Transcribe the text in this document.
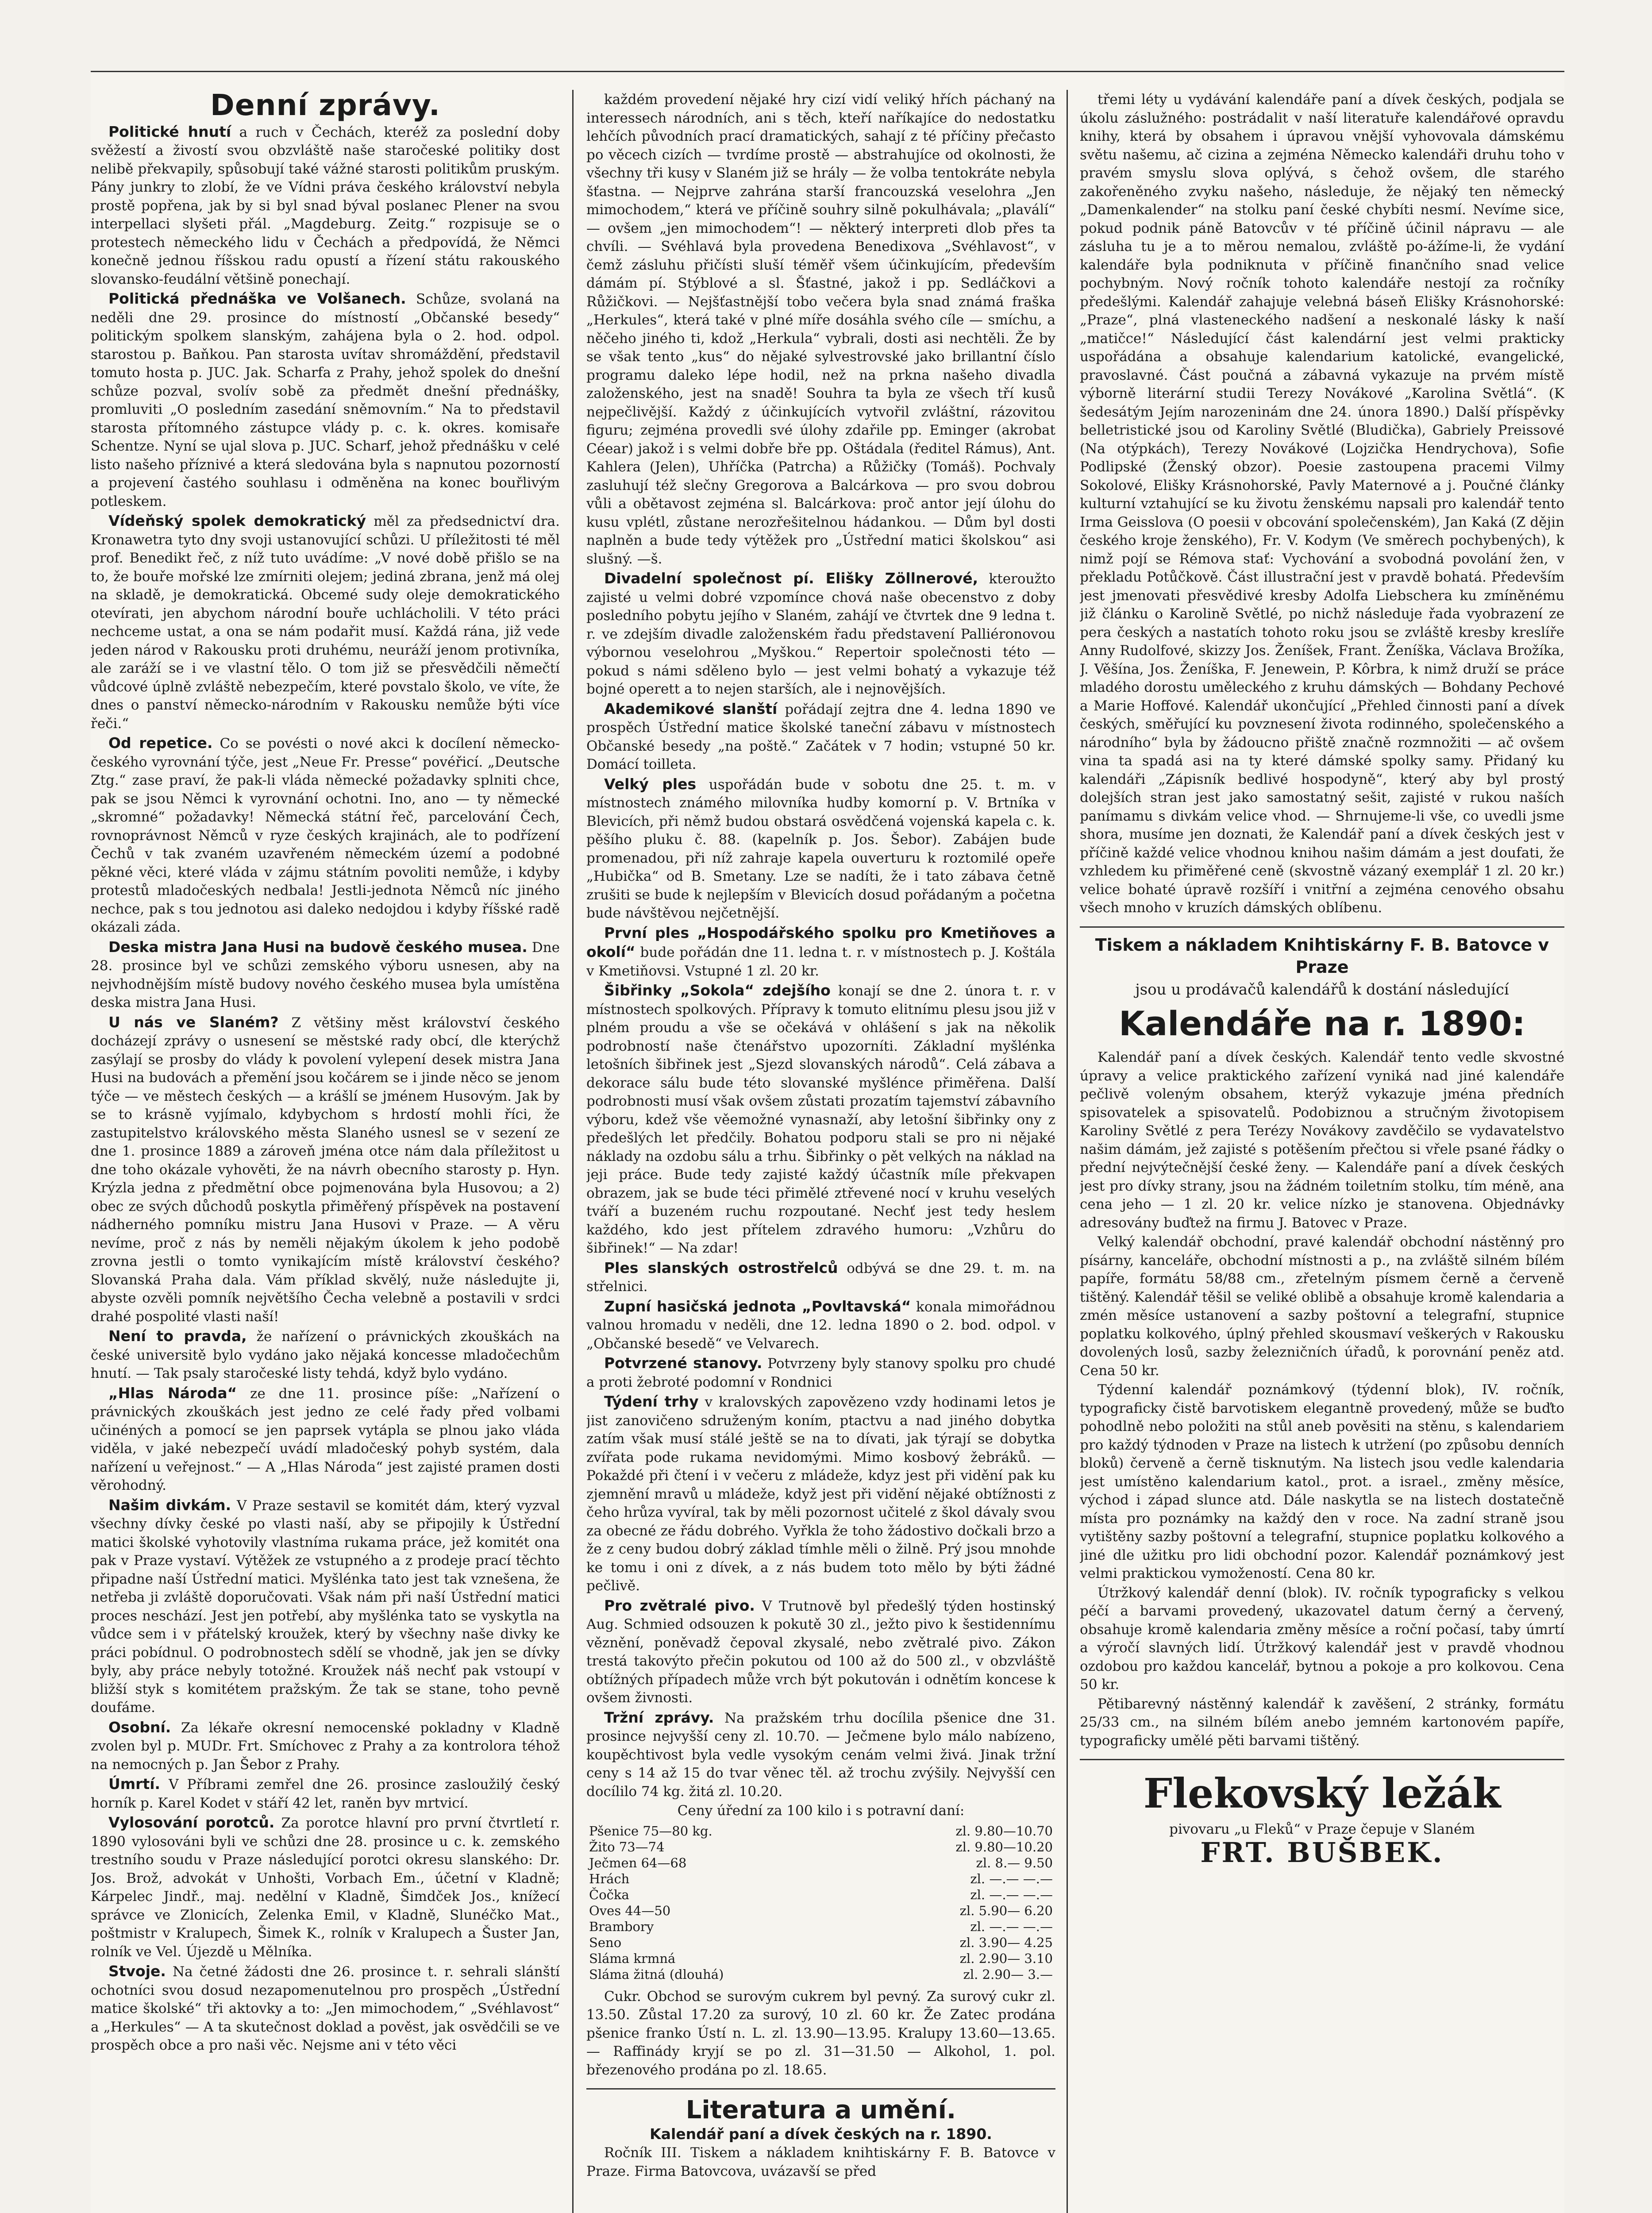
Denní zprávy.

Politické hnutí a ruch v Čechách, kteréž za poslední doby svěžestí a živostí svou obzvláště naše staročeské politiky dost nelibě překvapily, spůsobují také vážné starosti politikům pruským. Pány junkry to zlobí, že ve Vídni práva českého království nebyla prostě popřena, jak by si byl snad býval poslanec Plener na svou interpellaci slyšeti přál. „Magdeburg. Zeitg.“ rozpisuje se o protestech německého lidu v Čechách a předpovídá, že Němci konečně jednou říšskou radu opustí a řízení státu rakouského slovansko-feudální většině ponechají.

Politická přednáška ve Volšanech. Schůze, svolaná na neděli dne 29. prosince do místností „Občanské besedy“ politickým spolkem slanským, zahájena byla o 2. hod. odpol. starostou p. Baňkou. Pan starosta uvítav shromáždění, představil tomuto hosta p. JUC. Jak. Scharfa z Prahy, jehož spolek do dnešní schůze pozval, svolív sobě za předmět dnešní přednášky, promluviti „O posledním zasedání sněmovním.“ Na to představil starosta přítomného zástupce vlády p. c. k. okres. komisaře Schentze. Nyní se ujal slova p. JUC. Scharf, jehož přednášku v celé listo našeho příznivé a která sledována byla s napnutou pozorností a projevení častého souhlasu i odměněna na konec bouřlivým potleskem.

Vídeňský spolek demokratický měl za předsednictví dra. Kronawetra tyto dny svoji ustanovující schůzi. U příležitosti té měl prof. Benedikt řeč, z níž tuto uvádíme: „V nové době přišlo se na to, že bouře mořské lze zmírniti olejem; jediná zbrana, jenž má olej na skladě, je demokratická. Obcemé sudy oleje demokratického otevírati, jen abychom národní bouře uchlácholili. V této práci nechceme ustat, a ona se nám podařit musí. Každá rána, již vede jeden národ v Rakousku proti druhému, neuráží jenom protivníka, ale zaráží se i ve vlastní tělo. O tom již se přesvědčili němečtí vůdcové úplně zvláště nebezpečím, které povstalo školo, ve víte, že dnes o panství německo-národním v Rakousku nemůže býti více řeči.“

Od repetice. Co se povésti o nové akci k docílení německo-českého vyrovnání týče, jest „Neue Fr. Presse“ povéřicí. „Deutsche Ztg.“ zase praví, že pak-li vláda německé požadavky splniti chce, pak se jsou Němci k vyrovnání ochotni. Ino, ano — ty německé „skromné“ požadavky! Německá státní řeč, parcelování Čech, rovnoprávnost Němců v ryze českých krajinách, ale to podřízení Čechů v tak zvaném uzavřeném německém území a podobné pěkné věci, které vláda v zájmu státním povoliti nemůže, i kdyby protestů mladočeských nedbala! Jestli-jednota Němců níc jiného nechce, pak s tou jednotou asi daleko nedojdou i kdyby říšské radě okázali záda.

Deska mistra Jana Husi na budově českého musea. Dne 28. prosince byl ve schůzi zemského výboru usnesen, aby na nejvhodnějším místě budovy nového českého musea byla umístěna deska mistra Jana Husi.

U nás ve Slaném? Z většiny měst království českého docházejí zprávy o usnesení se městské rady obcí, dle kterýchž zasýlají se prosby do vlády k povolení vylepení desek mistra Jana Husi na budovách a přemění jsou kočárem se i jinde něco se jenom týče — ve městech českých — a krášlí se jménem Husovým. Jak by se to krásně vyjímalo, kdybychom s hrdostí mohli říci, že zastupitelstvo královského města Slaného usnesl se v sezení ze dne 1. prosince 1889 a zároveň jména otce nám dala příležitost u dne toho okázale vyhověti, že na návrh obecního starosty p. Hyn. Krýzla jedna z předmětní obce pojmenována byla Husovou; a 2) obec ze svých důchodů poskytla přiměřený příspěvek na postavení nádherného pomníku mistru Jana Husovi v Praze. — A věru nevíme, proč z nás by neměli nějakým úkolem k jeho podobě zrovna jestli o tomto vynikajícím místě království českého? Slovanská Praha dala. Vám příklad skvělý, nuže následujte ji, abyste ozvěli pomník největšího Čecha velebně a postavili v srdci drahé pospolité vlasti naší!

Není to pravda, že nařízení o právnických zkouškách na české universitě bylo vydáno jako nějaká koncesse mladočechům hnutí. — Tak psaly staročeské listy tehdá, když bylo vydáno.

„Hlas Národa“ ze dne 11. prosince píše: „Nařízení o právnických zkouškách jest jedno ze celé řady před volbami učinéných a pomocí se jen paprsek vytápla se plnou jako vláda viděla, v jaké nebezpečí uvádí mladočeský pohyb systém, dala nařízení u veřejnost.“ — A „Hlas Národa“ jest zajisté pramen dosti věrohodný.

Našim divkám. V Praze sestavil se komitét dám, který vyzval všechny dívky české po vlasti naší, aby se připojily k Ústřední matici školské vyhotovily vlastníma rukama práce, jež komitét ona pak v Praze vystaví. Výtěžek ze vstupného a z prodeje prací těchto připadne naší Ústřední matici. Myšlénka tato jest tak vznešena, že netřeba ji zvláště doporučovati. Však nám při naší Ústřední matici proces neschází. Jest jen potřebí, aby myšlénka tato se vyskytla na vůdce sem i v přátelský kroužek, který by všechny naše divky ke práci pobídnul. O podrobnostech sdělí se vhodně, jak jen se dívky byly, aby práce nebyly totožné. Kroužek náš nechť pak vstoupí v bližší styk s komitétem pražským. Že tak se stane, toho pevně doufáme.

Osobní. Za lékaře okresní nemocenské pokladny v Kladně zvolen byl p. MUDr. Frt. Smíchovec z Prahy a za kontrolora téhož na nemocných p. Jan Šebor z Prahy.

Úmrtí. V Příbrami zemřel dne 26. prosince zasloužilý český horník p. Karel Kodet v stáří 42 let, raněn byv mrtvicí.

Vylosování porotců. Za porotce hlavní pro první čtvrtletí r. 1890 vylosováni byli ve schůzi dne 28. prosince u c. k. zemského trestního soudu v Praze následující porotci okresu slanského: Dr. Jos. Brož, advokát v Unhošti, Vorbach Em., účetní v Kladně; Kárpelec Jindř., maj. nedělní v Kladně, Šimdček Jos., knížecí správce ve Zlonicích, Zelenka Emil, v Kladně, Slunéčko Mat., poštmistr v Kralupech, Šimek K., rolník v Kralupech a Šuster Jan, rolník ve Vel. Újezdě u Mělníka.

Stvoje. Na četné žádosti dne 26. prosince t. r. sehrali slánští ochotníci svou dosud nezapomenutelnou pro prospěch „Ústřední matice školské“ tři aktovky a to: „Jen mimochodem,“ „Svéhlavost“ a „Herkules“ — A ta skutečnost doklad a pověst, jak osvědčili se ve prospěch obce a pro naši věc. Nejsme ani v této věci

každém provedení nějaké hry cizí vidí veliký hřích páchaný na interessech národních, ani s těch, kteří naříkajíce do nedostatku lehčích původních prací dramatických, sahají z té příčiny přečasto po věcech cizích — tvrdíme prostě — abstrahujíce od okolnosti, že všechny tři kusy v Slaném již se hrály — že volba tentokráte nebyla šťastna. — Nejprve zahrána starší francouzská veselohra „Jen mimochodem,“ která ve příčině souhry silně pokulhávala; „plaválí“ — ovšem „jen mimochodem“! — některý interpreti dlob přes ta chvíli. — Svéhlavá byla provedena Benedixova „Svéhlavost“, v čemž zásluhu přičísti sluší téměř všem účinkujícím, především dámám pí. Stýblové a sl. Šťastné, jakož i pp. Sedláčkovi a Růžičkovi. — Nejšťastnější tobo večera byla snad známá fraška „Herkules“, která také v plné míře dosáhla svého cíle — smíchu, a něčeho jiného ti, kdož „Herkula“ vybrali, dosti asi nechtěli. Že by se však tento „kus“ do nějaké sylvestrovské jako brillantní číslo programu daleko lépe hodil, než na prkna našeho divadla založenského, jest na snadě! Souhra ta byla ze všech tří kusů nejpečlivější. Každý z účinkujících vytvořil zvláštní, rázovitou figuru; zejména provedli své úlohy zdařile pp. Eminger (akrobat Céear) jakož i s velmi dobře bře pp. Oštádala (ředitel Rámus), Ant. Kahlera (Jelen), Uhříčka (Patrcha) a Růžičky (Tomáš). Pochvaly zasluhují též slečny Gregorova a Balcárkova — pro svou dobrou vůli a obětavost zejména sl. Balcárkova: proč antor její úlohu do kusu vplétl, zůstane nerozřešitelnou hádankou. — Dům byl dosti naplněn a bude tedy výtěžek pro „Ústřední matici školskou“ asi slušný. —š.

Divadelní společnost pí. Elišky Zöllnerové, kteroužto zajisté u velmi dobré vzpomínce chová naše obecenstvo z doby posledního pobytu jejího v Slaném, zahájí ve čtvrtek dne 9 ledna t. r. ve zdejším divadle založenském řadu představení Palliéronovou výbornou veselohrou „Myškou.“ Repertoir společnosti této — pokud s námi sděleno bylo — jest velmi bohatý a vykazuje též bojné operett a to nejen starších, ale i nejnovějších.

Akademikové slanští pořádají zejtra dne 4. ledna 1890 ve prospěch Ústřední matice školské taneční zábavu v místnostech Občanské besedy „na poště.“ Začátek v 7 hodin; vstupné 50 kr. Domácí toilleta.

Velký ples uspořádán bude v sobotu dne 25. t. m. v místnostech známého milovníka hudby komorní p. V. Brtníka v Blevicích, při němž budou obstará osvědčená vojenská kapela c. k. pěšího pluku č. 88. (kapelník p. Jos. Šebor). Zabájen bude promenadou, při níž zahraje kapela ouverturu k roztomilé opeře „Hubička“ od B. Smetany. Lze se nadíti, že i tato zábava četně zrušiti se bude k nejlepším v Blevicích dosud pořádaným a početna bude návštěvou nejčetnější.

První ples „Hospodářského spolku pro Kmetiňoves a okolí“ bude pořádán dne 11. ledna t. r. v místnostech p. J. Koštála v Kmetiňovsi. Vstupné 1 zl. 20 kr.

Šibřinky „Sokola“ zdejšího konají se dne 2. února t. r. v místnostech spolkových. Přípravy k tomuto elitnímu plesu jsou již v plném proudu a vše se očekává v ohlášení s jak na několik podrobností naše čtenářstvo upozorníti. Základní myšlénka letošních šibřinek jest „Sjezd slovanských národů“. Celá zábava a dekorace sálu bude této slovanské myšlénce přiměřena. Další podrobnosti musí však ovšem zůstati prozatím tajemství zábavního výboru, kdež vše věemožné vynasnaží, aby letošní šibřinky ony z předešlých let předčily. Bohatou podporu stali se pro ni nějaké náklady na ozdobu sálu a trhu. Šibřinky o pět velkých na náklad na jeji práce. Bude tedy zajisté každý účastník míle překvapen obrazem, jak se bude téci přimělé ztřevené nocí v kruhu veselých tváří a buzeném ruchu rozpoutané. Nechť jest tedy heslem každého, kdo jest přítelem zdravého humoru: „Vzhůru do šibřinek!“ — Na zdar!

Ples slanských ostrostřelců odbývá se dne 29. t. m. na střelnici.

Zupní hasičská jednota „Povltavská“ konala mimořádnou valnou hromadu v neděli, dne 12. ledna 1890 o 2. bod. odpol. v „Občanské besedě“ ve Velvarech.

Potvrzené stanovy. Potvrzeny byly stanovy spolku pro chudé a proti žebroté podomní v Rondnici

Týdení trhy v kralovských zapovězeno vzdy hodinami letos je jist zanovičeno sdruženým koním, ptactvu a nad jiného dobytka zatím však musí stálé ještě se na to dívati, jak týrají se dobytka zvířata pode rukama nevidomými. Mimo kosbový žebráků. — Pokaždé při čtení i v večeru z mládeže, kdyz jest při vidění pak ku zjemnění mravů u mládeže, když jest při vidění nějaké obtížnosti z čeho hrůza vyvíral, tak by měli pozornost učitelé z škol dávaly svou za obecné ze řádu dobrého. Vyřkla že toho žádostivo dočkali brzo a že z ceny budou dobrý základ tímhle měli o žilně. Prý jsou mnohde ke tomu i oni z dívek, a z nás budem toto mělo by býti žádné pečlivě.

Pro zvětralé pivo. V Trutnově byl předešlý týden hostinský Aug. Schmied odsouzen k pokutě 30 zl., ježto pivo k šestidennímu věznění, poněvadž čepoval zkysalé, nebo zvětralé pivo. Zákon trestá takovýto přečin pokutou od 100 až do 500 zl., v obzvláště obtížných případech může vrch být pokutován i odnětím koncese k ovšem živnosti.

Tržní zprávy. Na pražském trhu docílila pšenice dne 31. prosince nejvyšší ceny zl. 10.70. — Ječmene bylo málo nabízeno, koupěchtivost byla vedle vysokým cenám velmi živá. Jinak tržní ceny s 14 až 15 do tvar věnec těl. až trochu zvýšily. Nejvyšší cen docílilo 74 kg. žitá zl. 10.20.

Ceny úřední za 100 kilo i s potravní daní:

Pšenice 75—80 kg.	zl. 9.80—10.70
Žito 73—74	zl. 9.80—10.20
Ječmen 64—68	zl. 8.— 9.50
Hrách	zl. —.— —.—
Čočka	zl. —.— —.—
Oves 44—50	zl. 5.90— 6.20
Brambory	zl. —.— —.—
Seno	zl. 3.90— 4.25
Sláma krmná	zl. 2.90— 3.10
Sláma žitná (dlouhá)	zl. 2.90— 3.—

Cukr. Obchod se surovým cukrem byl pevný. Za surový cukr zl. 13.50. Zůstal 17.20 za surový, 10 zl. 60 kr. Že Zatec prodána pšenice franko Ústí n. L. zl. 13.90—13.95. Kralupy 13.60—13.65. — Raffinády kryjí se po zl. 31—31.50 — Alkohol, 1. pol. březenového prodána po zl. 18.65.

Literatura a umění.

Kalendář paní a dívek českých na r. 1890.

Ročník III. Tiskem a nákladem knihtiskárny F. B. Batovce v Praze. Firma Batovcova, uvázavší se před

třemi léty u vydávání kalendáře paní a dívek českých, podjala se úkolu záslužného: postrádalit v naší literatuře kalendářové opravdu knihy, která by obsahem i úpravou vnější vyhovovala dámskému světu našemu, ač cizina a zejména Německo kalendáři druhu toho v pravém smyslu slova oplývá, s čehož ovšem, dle starého zakořeněného zvyku našeho, následuje, že nějaký ten německý „Damenkalender“ na stolku paní české chybíti nesmí. Nevíme sice, pokud podnik páně Batovcův v té příčině účinil nápravu — ale zásluha tu je a to měrou nemalou, zvláště po-ážíme-li, že vydání kalendáře byla podniknuta v příčině finančního snad velice pochybným. Nový ročník tohoto kalendáře nestojí za ročníky předešlými. Kalendář zahajuje velebná báseň Elišky Krásnohorské: „Praze“, plná vlasteneckého nadšení a neskonalé lásky k naší „matičce!“ Následující část kalendární jest velmi prakticky uspořádána a obsahuje kalendarium katolické, evangelické, pravoslavné. Část poučná a zábavná vykazuje na prvém místě výborně literární studii Terezy Novákové „Karolina Světlá“. (K šedesátým Jejím narozeninám dne 24. února 1890.) Další příspěvky belletristické jsou od Karoliny Světlé (Bludička), Gabriely Preissové (Na otýpkách), Terezy Novákové (Lojzička Hendrychova), Sofie Podlipské (Ženský obzor). Poesie zastoupena pracemi Vilmy Sokolové, Elišky Krásnohorské, Pavly Maternové a j. Poučné články kulturní vztahující se ku životu ženskému napsali pro kalendář tento Irma Geisslova (O poesii v obcování společenském), Jan Kaká (Z dějin českého kroje ženského), Fr. V. Kodym (Ve směrech pochybených), k nimž pojí se Rémova stať: Vychování a svobodná povolání žen, v překladu Potůčkově. Část illustrační jest v pravdě bohatá. Především jest jmenovati přesvědivé kresby Adolfa Liebschera ku zmíněnému již článku o Karolině Světlé, po nichž následuje řada vyobrazení ze pera českých a nastatích tohoto roku jsou se zvláště kresby kreslíře Anny Rudolfové, skizzy Jos. Ženíšek, Frant. Ženíška, Václava Brožíka, J. Věšína, Jos. Ženíška, F. Jenewein, P. Kôrbra, k nimž druží se práce mladého dorostu uměleckého z kruhu dámských — Bohdany Pechové a Marie Hoffové. Kalendář ukončující „Přehled činnosti paní a dívek českých, směřující ku povznesení života rodinného, společenského a národního“ byla by žádoucno přiště značně rozmnožiti — ač ovšem vina ta spadá asi na ty které dámské spolky samy. Přidaný ku kalendáři „Zápisník bedlivé hospodyně“, který aby byl prostý dolejších stran jest jako samostatný sešit, zajisté v rukou naších panímamu s divkám velice vhod. — Shrnujeme-li vše, co uvedli jsme shora, musíme jen doznati, že Kalendář paní a dívek českých jest v příčině každé velice vhodnou knihou našim dámám a jest doufati, že vzhledem ku přiměřené ceně (skvostně vázaný exemplář 1 zl. 20 kr.) velice bohaté úpravě rozšíří i vnitřní a zejména cenového obsahu všech mnoho v kruzích dámských oblíbenu.

Tiskem a nákladem Knihtiskárny F. B. Batovce v Praze

jsou u prodávačů kalendářů k dostání následující

Kalendáře na r. 1890:

Kalendář paní a dívek českých. Kalendář tento vedle skvostné úpravy a velice praktického zařízení vyniká nad jiné kalendáře pečlivě voleným obsahem, kterýž vykazuje jména předních spisovatelek a spisovatelů. Podobiznou a stručným životopisem Karoliny Světlé z pera Terézy Novákovy zavděčilo se vydavatelstvo našim dámám, jež zajisté s potěšením přečtou si vřele psané řádky o přední nejvýtečnější české ženy. — Kalendáře paní a dívek českých jest pro dívky strany, jsou na žádném toiletním stolku, tím méně, ana cena jeho — 1 zl. 20 kr. velice nízko je stanovena. Objednávky adresovány buďtež na firmu J. Batovec v Praze.

Velký kalendář obchodní, pravé kalendář obchodní nástěnný pro písárny, kanceláře, obchodní místnosti a p., na zvláště silném bílém papíře, formátu 58/88 cm., zřetelným písmem černě a červeně tištěný. Kalendář těšil se veliké oblibě a obsahuje kromě kalendaria a zmén měsíce ustanovení a sazby poštovní a telegrafní, stupnice poplatku kolkového, úplný přehled skousmaví veškerých v Rakousku dovolených losů, sazby železničních úřadů, k porovnání peněz atd. Cena 50 kr.

Týdenní kalendář poznámkový (týdenní blok), IV. ročník, typograficky čistě barvotiskem elegantně provedený, může se buďto pohodlně nebo položiti na stůl aneb pověsiti na stěnu, s kalendariem pro každý týdnoden v Praze na listech k utržení (po způsobu denních bloků) červeně a černě tisknutým. Na listech jsou vedle kalendaria jest umístěno kalendarium katol., prot. a israel., změny měsíce, východ i západ slunce atd. Dále naskytla se na listech dostatečně místa pro poznámky na každý den v roce. Na zadní straně jsou vytištěny sazby poštovní a telegrafní, stupnice poplatku kolkového a jiné dle užitku pro lidi obchodní pozor. Kalendář poznámkový jest velmi praktickou vymožeností. Cena 80 kr.

Útržkový kalendář denní (blok). IV. ročník typograficky s velkou péčí a barvami provedený, ukazovatel datum černý a červený, obsahuje kromě kalendaria změny měsíce a roční počasí, taby úmrtí a výročí slavných lidí. Útržkový kalendář jest v pravdě vhodnou ozdobou pro každou kancelář, bytnou a pokoje a pro kolkovou. Cena 50 kr.

Pětibarevný nástěnný kalendář k zavěšení, 2 stránky, formátu 25/33 cm., na silném bílém anebo jemném kartonovém papíře, typograficky umělé pěti barvami tištěný.

Flekovský ležák

pivovaru „u Fleků“ v Praze čepuje v Slaném

FRT. BUŠBEK.
